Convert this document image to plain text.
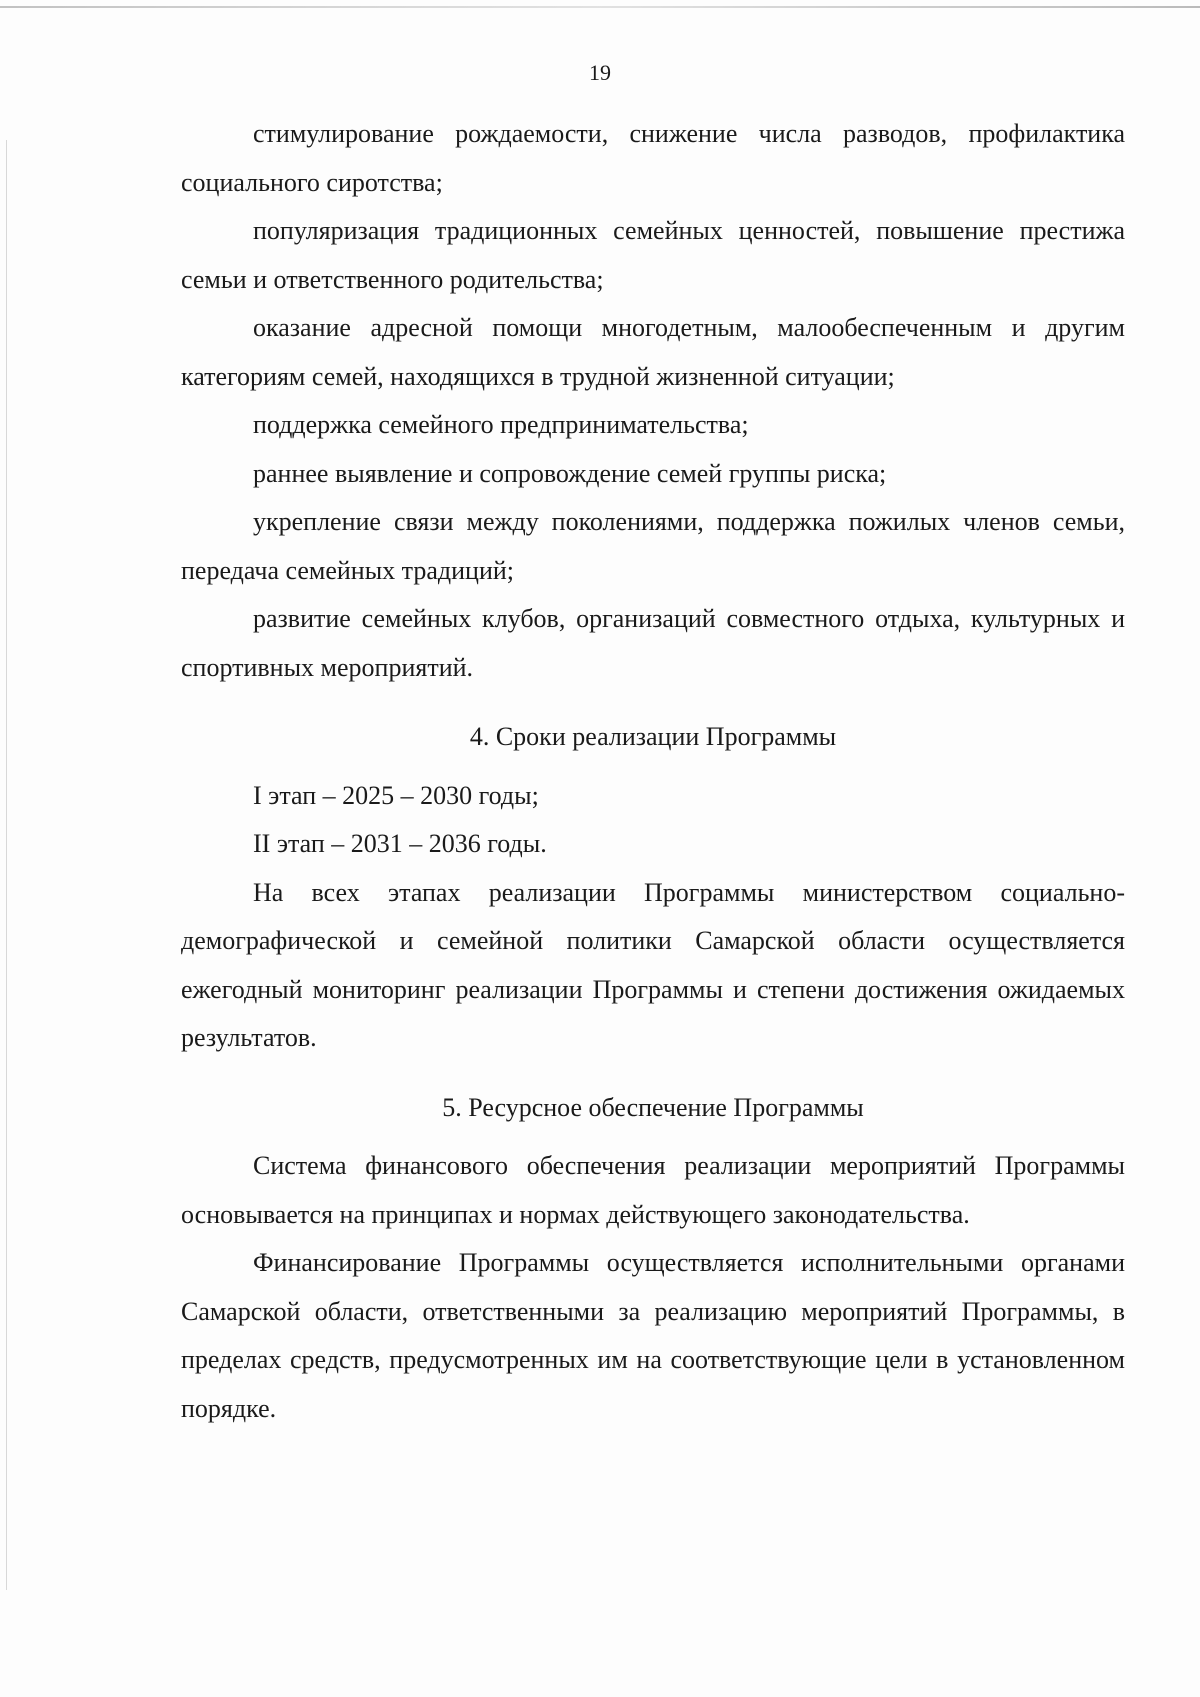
19

стимулирование рождаемости, снижение числа разводов, профилактика социального сиротства;

популяризация традиционных семейных ценностей, повышение престижа семьи и ответственного родительства;

оказание адресной помощи многодетным, малообеспеченным и другим категориям семей, находящихся в трудной жизненной ситуации;

поддержка семейного предпринимательства;

раннее выявление и сопровождение семей группы риска;

укрепление связи между поколениями, поддержка пожилых членов семьи, передача семейных традиций;

развитие семейных клубов, организаций совместного отдыха, культурных и спортивных мероприятий.

4. Сроки реализации Программы

I этап – 2025 – 2030 годы;

II этап – 2031 – 2036 годы.

На всех этапах реализации Программы министерством социально-демографической и семейной политики Самарской области осуществляется ежегодный мониторинг реализации Программы и степени достижения ожидаемых результатов.

5. Ресурсное обеспечение Программы

Система финансового обеспечения реализации мероприятий Программы основывается на принципах и нормах действующего законодательства.

Финансирование Программы осуществляется исполнительными органами Самарской области, ответственными за реализацию мероприятий Программы, в пределах средств, предусмотренных им на соответствующие цели в установленном порядке.
